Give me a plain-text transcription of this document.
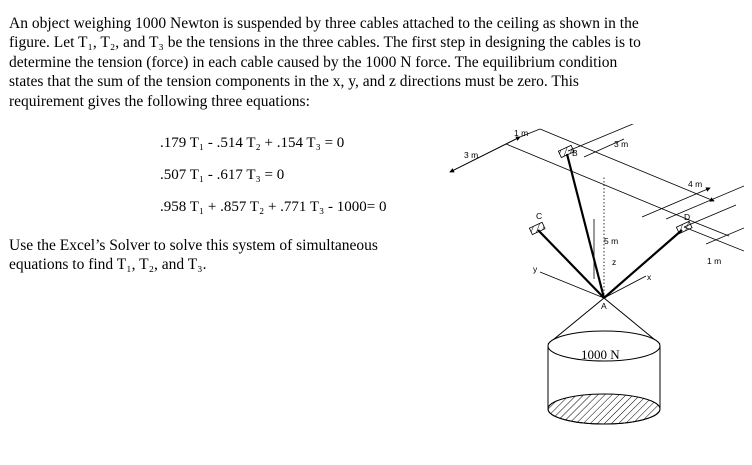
An object weighing 1000 Newton is suspended by three cables attached to the ceiling as shown in the

figure. Let T₁, T₂, and T₃ be the tensions in the three cables. The first step in designing the cables is to

determine the tension (force) in each cable caused by the 1000 N force. The equilibrium condition

states that the sum of the tension components in the x, y, and z directions must be zero. This

requirement gives the following three equations:

.179 T₁ - .514 T₂ + .154 T₃ = 0
.507 T₁ - .617 T₃ = 0
.958 T₁ + .857 T₂ + .771 T₃ - 1000= 0

Use the Excel’s Solver to solve this system of simultaneous

equations to find T₁, T₂, and T₃.

1 m
3 m
3 m
4 m
5 m
1 m
B
C	D
A
z
y
x
1000 N
